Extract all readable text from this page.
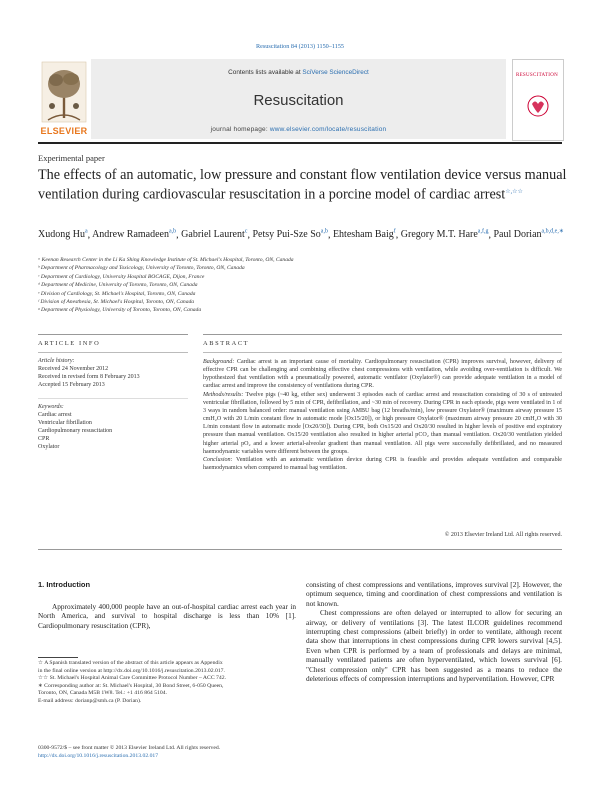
Resuscitation 84 (2013) 1150–1155
Contents lists available at SciVerse ScienceDirect
Resuscitation
journal homepage: www.elsevier.com/locate/resuscitation
ELSEVIER
RESUSCITATION
Experimental paper
The effects of an automatic, low pressure and constant flow ventilation device versus manual ventilation during cardiovascular resuscitation in a porcine model of cardiac arrest☆,☆☆
Xudong Hu$^a$, Andrew Ramadeen$^{a,b}$, Gabriel Laurent$^c$, Petsy Pui-Sze So$^{a,b}$, Ehtesham Baig$^f$, Gregory M.T. Hare$^{a,f,g}$, Paul Dorian$^{a,b,d,e,∗}$
ᵃ Keenan Research Center in the Li Ka Shing Knowledge Institute of St. Michael's Hospital, Toronto, ON, Canada
ᵇ Department of Pharmacology and Toxicology, University of Toronto, Toronto, ON, Canada
ᶜ Department of Cardiology, University Hospital BOCAGE, Dijon, France
ᵈ Department of Medicine, University of Toronto, Toronto, ON, Canada
ᵉ Division of Cardiology, St. Michael's Hospital, Toronto, ON, Canada
ᶠ Division of Anesthesia, St. Michael's Hospital, Toronto, ON, Canada
ᵍ Department of Physiology, University of Toronto, Toronto, ON, Canada
ARTICLE INFO	ABSTRACT
Article history:
Received 24 November 2012
Received in revised form 8 February 2013
Accepted 15 February 2013
Keywords:
Cardiac arrest
Ventricular fibrillation
Cardiopulmonary resuscitation
CPR
Oxylator

Background: Cardiac arrest is an important cause of mortality. Cardiopulmonary resuscitation (CPR) improves survival, however, delivery of effective CPR can be challenging and combining effective chest compressions with ventilation, while avoiding over-ventilation is difficult. We hypothesized that ventilation with a pneumatically powered, automatic ventilator (Oxylator®) can provide adequate ventilation in a model of cardiac arrest and improve the consistency of ventilations during CPR.

Methods/results: Twelve pigs (~40 kg, either sex) underwent 3 episodes each of cardiac arrest and resuscitation consisting of 30 s of untreated ventricular fibrillation, followed by 5 min of CPR, defibrillation, and ~30 min of recovery. During CPR in each episode, pigs were ventilated in 1 of 3 ways in random balanced order: manual ventilation using AMBU bag (12 breaths/min), low pressure Oxylator® (maximum airway pressure 15 cmH₂O with 20 L/min constant flow in automatic mode [Ox15/20]), or high pressure Oxylator® (maximum airway pressure 20 cmH₂O with 30 L/min constant flow in automatic mode [Ox20/30]). During CPR, both Ox15/20 and Ox20/30 resulted in higher levels of positive end expiratory pressure than manual ventilation. Ox15/20 ventilation also resulted in higher arterial pCO₂ than manual ventilation. Ox20/30 ventilation yielded higher arterial pO₂ and a lower arterial-alveolar gradient than manual ventilation. All pigs were successfully defibrillated, and no measured haemodynamic variables were different between the groups.

Conclusion: Ventilation with an automatic ventilation device during CPR is feasible and provides adequate ventilation and comparable haemodynamics when compared to manual bag ventilation.

© 2013 Elsevier Ireland Ltd. All rights reserved.
1. Introduction

Approximately 400,000 people have an out-of-hospital cardiac arrest each year in North America, and survival to hospital discharge is less than 10% [1]. Cardiopulmonary resuscitation (CPR),

consisting of chest compressions and ventilations, improves survival [2]. However, the optimum sequence, timing and coordination of chest compressions and ventilation is not known.

Chest compressions are often delayed or interrupted to allow for securing an airway, or delivery of ventilations [3]. The latest ILCOR guidelines recommend interrupting chest compressions (albeit briefly) in order to ventilate, although recent data show that interruptions in chest compressions during CPR lowers survival [4,5]. Even when CPR is performed by a team of professionals and delays are minimal, manually ventilated patients are often hyperventilated, which lowers survival [6]. "Chest compression only" CPR has been suggested as a means to reduce the deleterious effects of compression interruptions and hyperventilation. However, CPR

☆ A Spanish translated version of the abstract of this article appears as Appendix
in the final online version at http://dx.doi.org/10.1016/j.resuscitation.2013.02.017.
☆☆ St. Michael's Hospital Animal Care Committee Protocol Number – ACC 742.
∗ Corresponding author at: St. Michael's Hospital, 30 Bond Street, 6-050 Queen,
Toronto, ON, Canada M5B 1W8. Tel.: +1 416 864 5104.
E-mail address: dorianp@smh.ca (P. Dorian).
0300-9572/$ – see front matter © 2013 Elsevier Ireland Ltd. All rights reserved.
http://dx.doi.org/10.1016/j.resuscitation.2013.02.017
